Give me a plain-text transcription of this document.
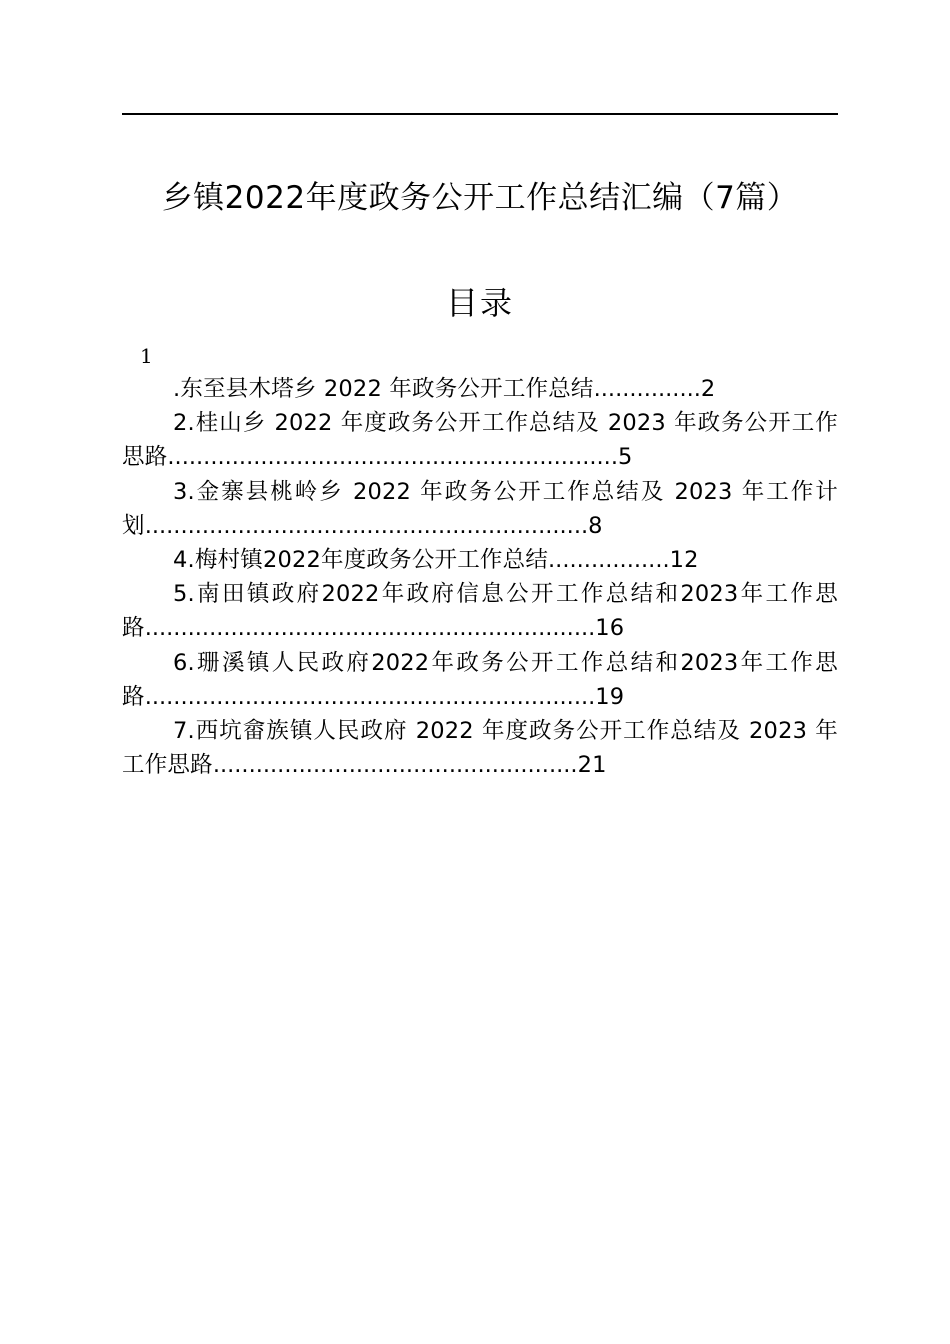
乡镇2022年度政务公开工作总结汇编（7篇）
目录
1

.东至县木塔乡 2022 年政务公开工作总结...............2

2.桂山乡 2022 年度政务公开工作总结及 2023 年政务公开工作思路...............................................................5

3.金寨县桃岭乡 2022 年政务公开工作总结及 2023 年工作计划..............................................................8

4.梅村镇2022年度政务公开工作总结.................12

5.南田镇政府2022年政府信息公开工作总结和2023年工作思路...............................................................16

6.珊溪镇人民政府2022年政务公开工作总结和2023年工作思路...............................................................19

7.西坑畲族镇人民政府 2022 年度政务公开工作总结及 2023 年工作思路...................................................21
